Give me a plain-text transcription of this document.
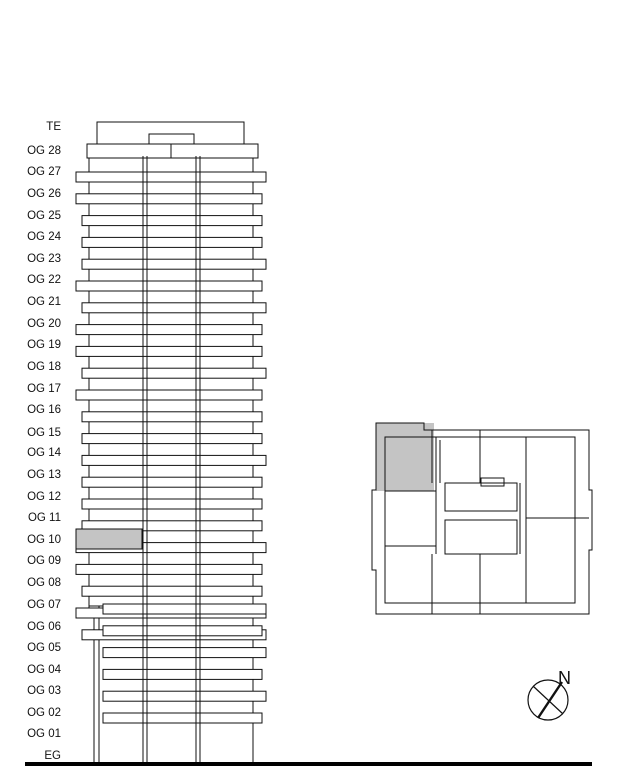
TE
OG 28
OG 27
OG 26
OG 25
OG 24
OG 23
OG 22
OG 21
OG 20
OG 19
OG 18
OG 17
OG 16
OG 15
OG 14
OG 13
OG 12
OG 11
OG 10
OG 09
OG 08
OG 07
OG 06
OG 05
OG 04
OG 03
OG 02
OG 01
EG
N
